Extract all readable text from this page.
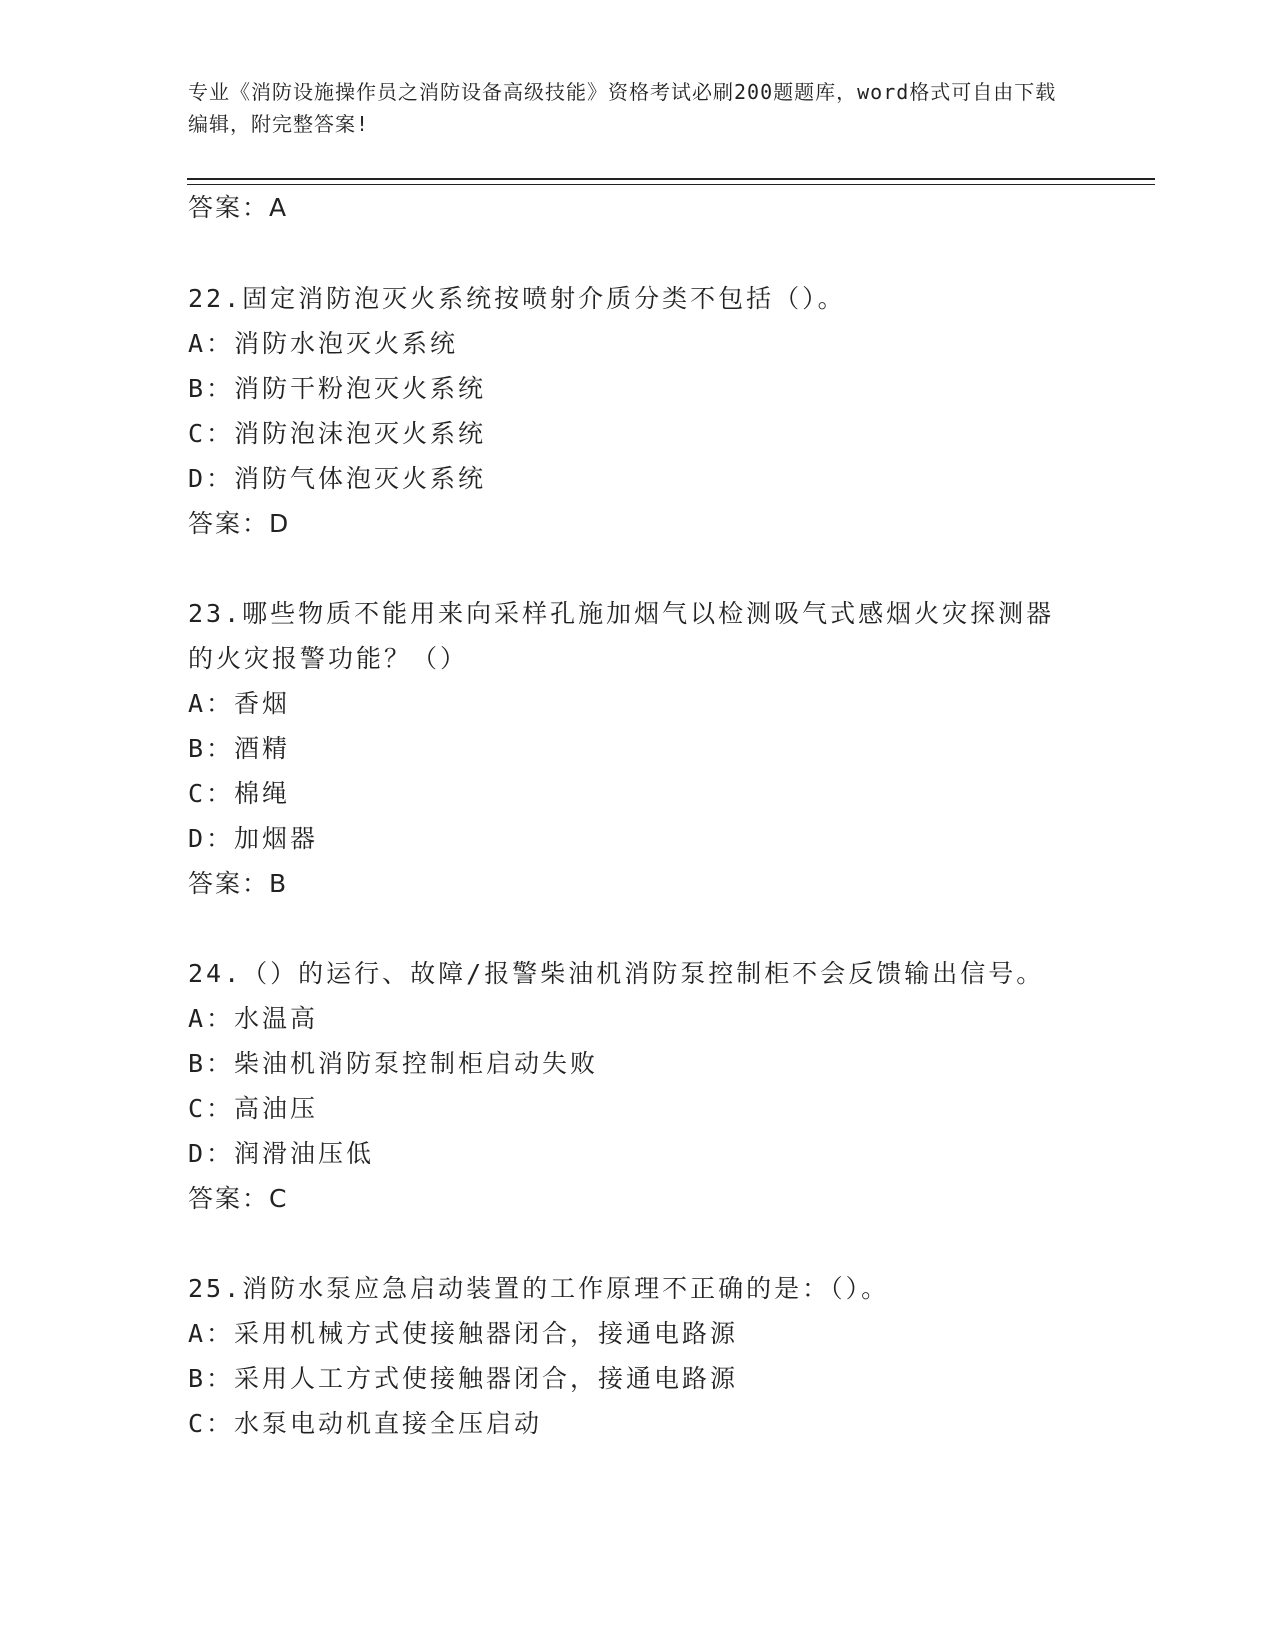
专业《消防设施操作员之消防设备高级技能》资格考试必刷200题题库，word格式可自由下载编辑，附完整答案!
答案：A
22.固定消防泡灭火系统按喷射介质分类不包括（）。
A：消防水泡灭火系统
B：消防干粉泡灭火系统
C：消防泡沫泡灭火系统
D：消防气体泡灭火系统
答案：D
23.哪些物质不能用来向采样孔施加烟气以检测吸气式感烟火灾探测器
的火灾报警功能？（）
A：香烟
B：酒精
C：棉绳
D：加烟器
答案：B
24.（）的运行、故障/报警柴油机消防泵控制柜不会反馈输出信号。
A：水温高
B：柴油机消防泵控制柜启动失败
C：高油压
D：润滑油压低
答案：C
25.消防水泵应急启动装置的工作原理不正确的是：（）。
A：采用机械方式使接触器闭合，接通电路源
B：采用人工方式使接触器闭合，接通电路源
C：水泵电动机直接全压启动
